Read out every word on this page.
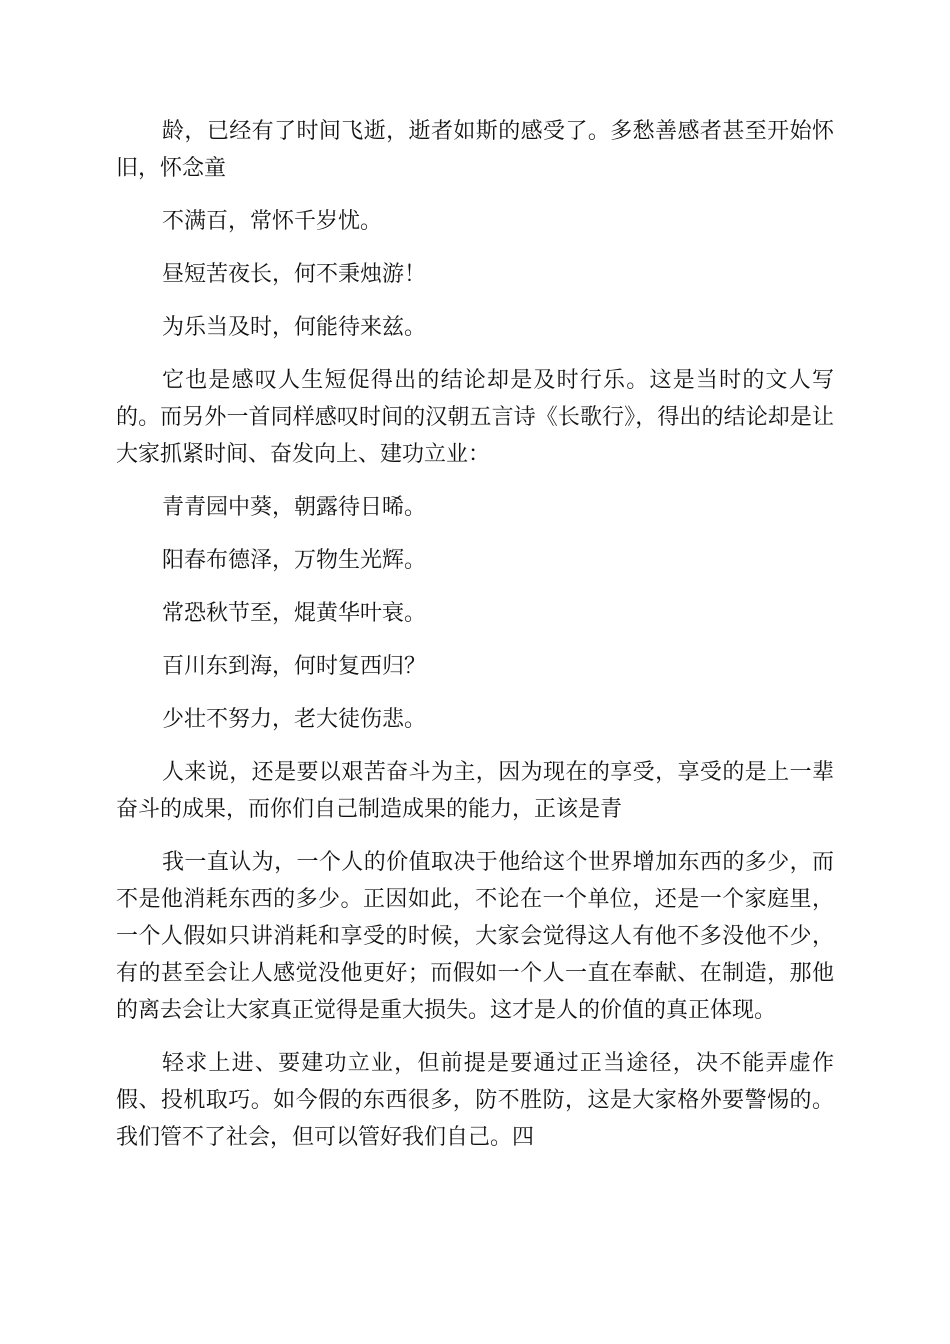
龄，已经有了时间飞逝，逝者如斯的感受了。多愁善感者甚至开始怀旧，怀念童

不满百，常怀千岁忧。

昼短苦夜长，何不秉烛游！

为乐当及时，何能待来兹。

它也是感叹人生短促得出的结论却是及时行乐。这是当时的文人写的。而另外一首同样感叹时间的汉朝五言诗《长歌行》，得出的结论却是让大家抓紧时间、奋发向上、建功立业：

青青园中葵，朝露待日晞。

阳春布德泽，万物生光辉。

常恐秋节至，焜黄华叶衰。

百川东到海，何时复西归？

少壮不努力，老大徒伤悲。

人来说，还是要以艰苦奋斗为主，因为现在的享受，享受的是上一辈奋斗的成果，而你们自己制造成果的能力，正该是青

我一直认为，一个人的价值取决于他给这个世界增加东西的多少，而不是他消耗东西的多少。正因如此，不论在一个单位，还是一个家庭里，一个人假如只讲消耗和享受的时候，大家会觉得这人有他不多没他不少，有的甚至会让人感觉没他更好；而假如一个人一直在奉献、在制造，那他的离去会让大家真正觉得是重大损失。这才是人的价值的真正体现。

轻求上进、要建功立业，但前提是要通过正当途径，决不能弄虚作假、投机取巧。如今假的东西很多，防不胜防，这是大家格外要警惕的。我们管不了社会，但可以管好我们自己。四
